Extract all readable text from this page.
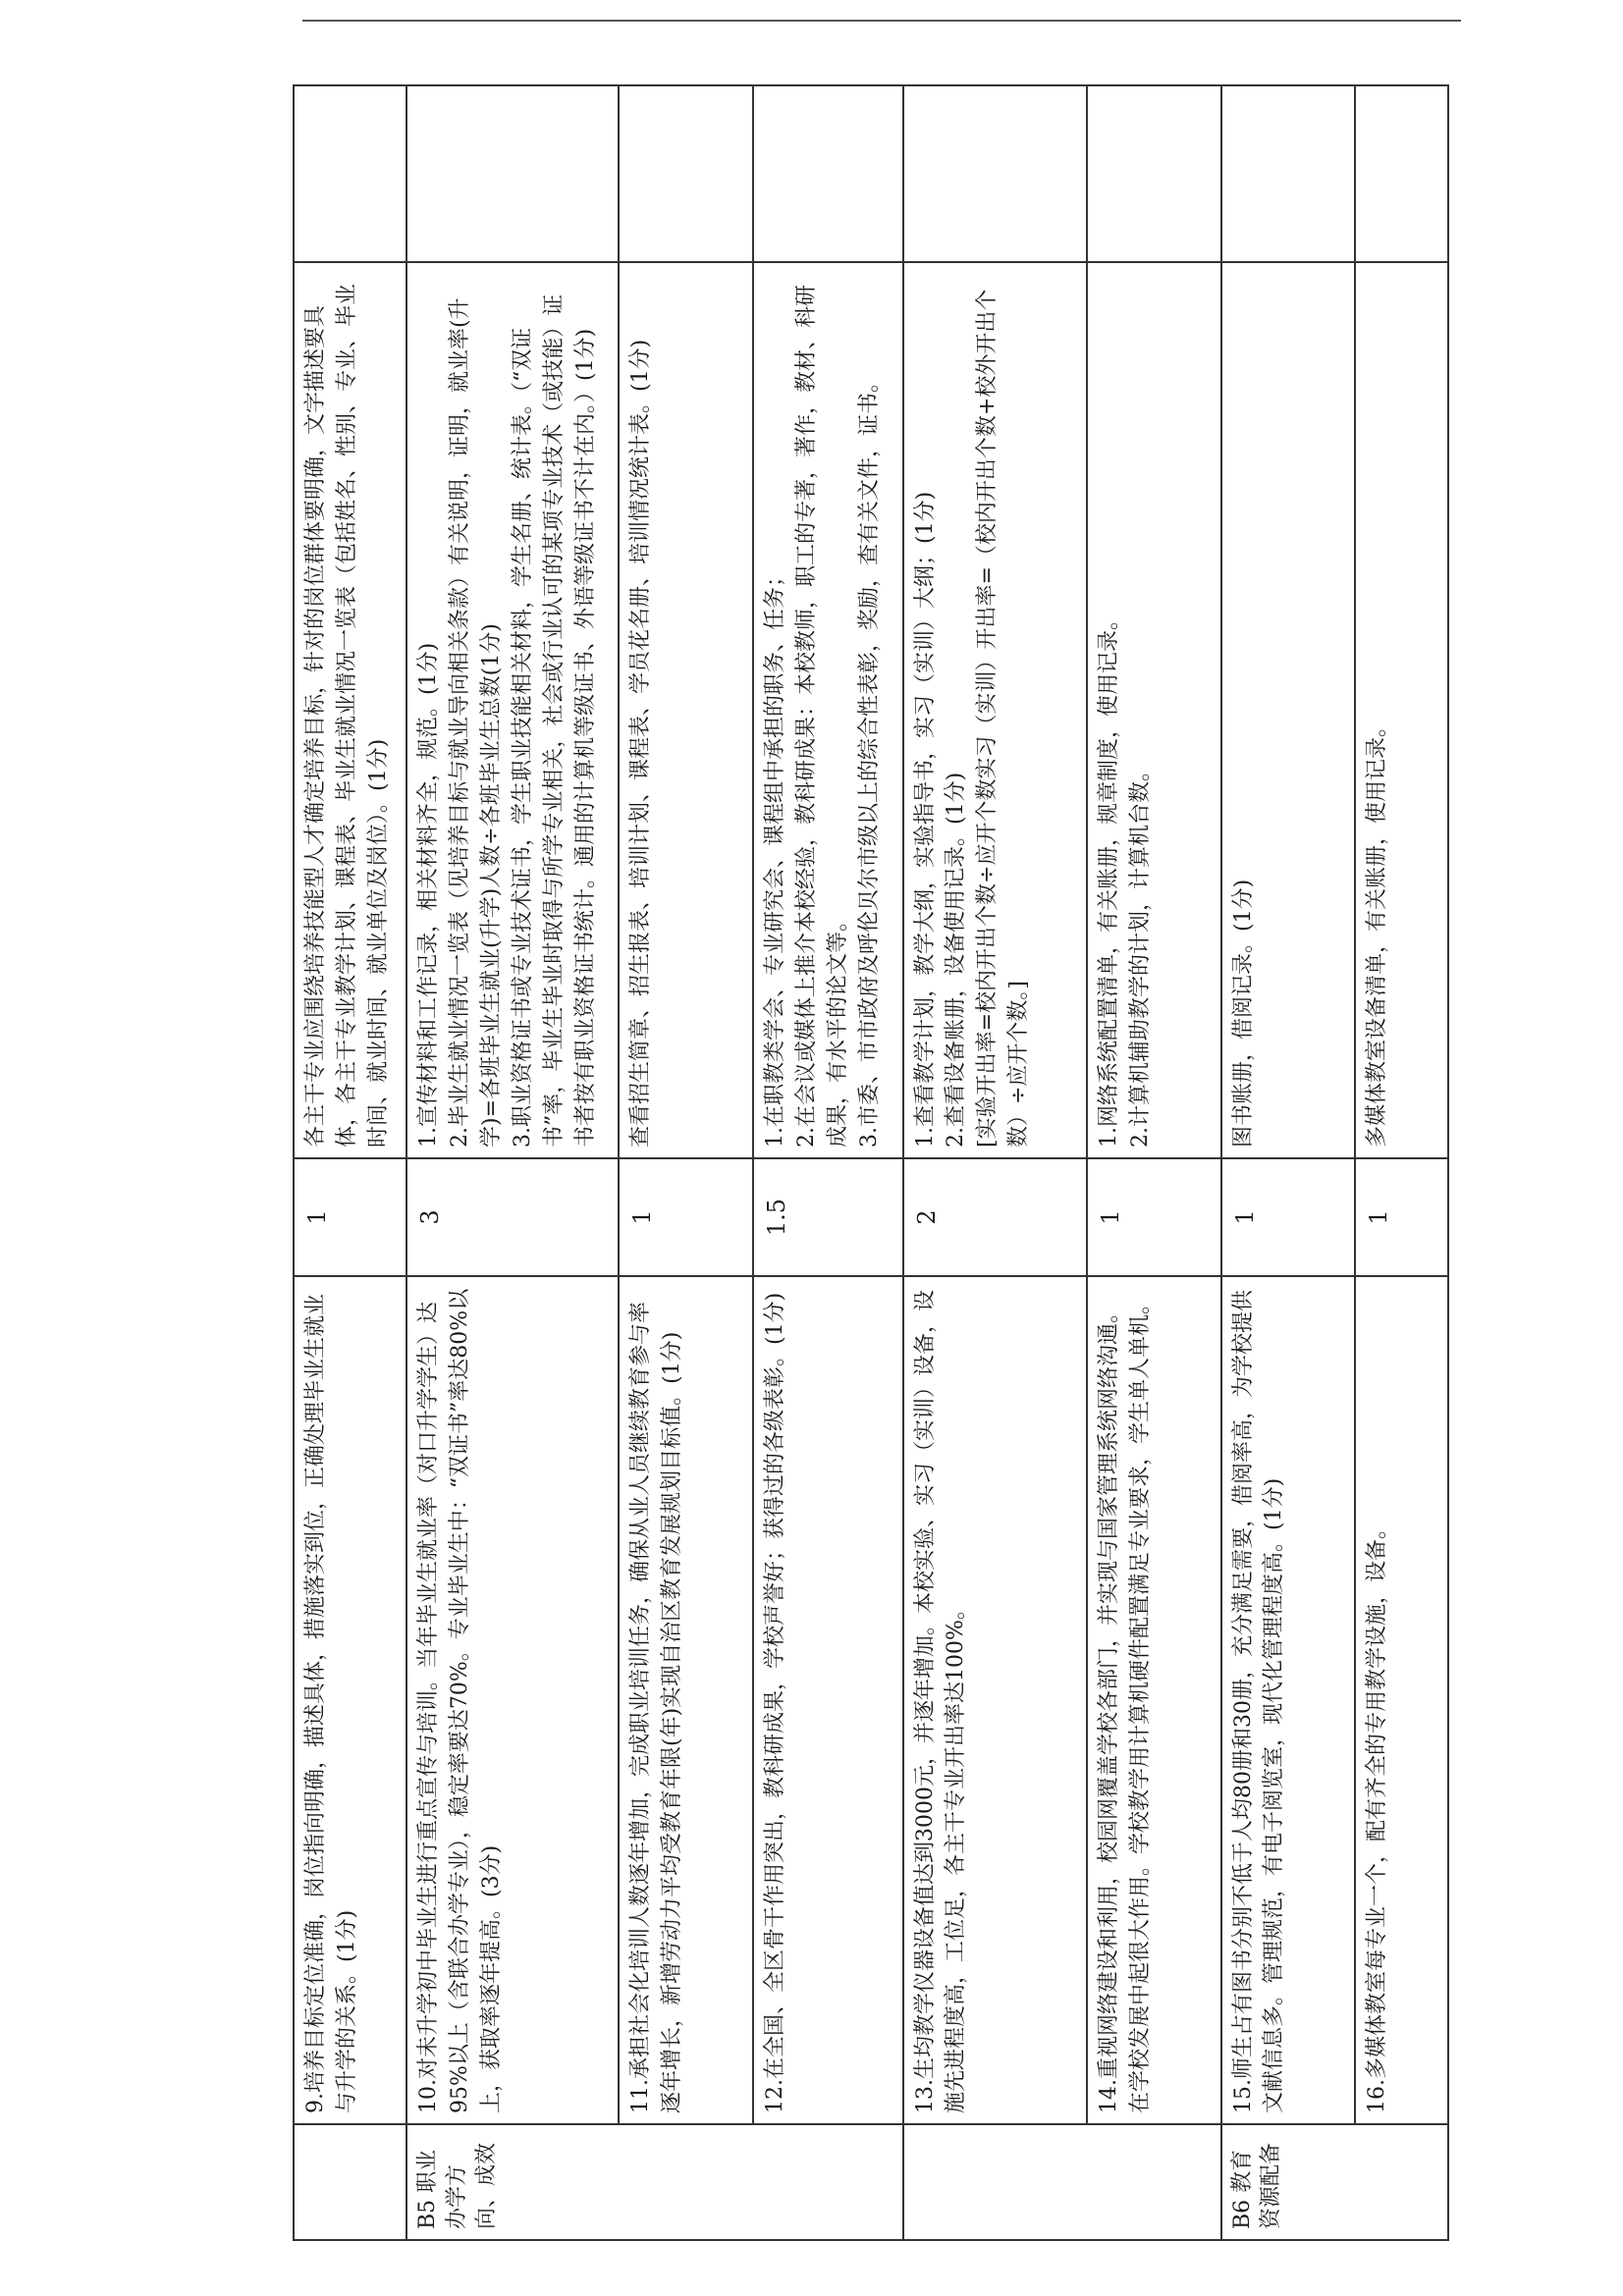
	9.培养目标定位准确，岗位指向明确，描述具体，措施落实到位，正确处理毕业生就业与升学的关系。(1分)	1	各主干专业应围绕培养技能型人才确定培养目标，针对的岗位群体要明确，文字描述要具体，各主干专业教学计划、课程表、毕业生就业情况一览表（包括姓名、性别、专业、毕业时间、就业时间、就业单位及岗位）。(1分)	

B5 职业办学方向、成效	10.对未升学初中毕业生进行重点宣传与培训。当年毕业生就业率（对口升学学生）达95%以上（含联合办学专业），稳定率要达70%。专业毕业生中：“双证书”率达80%以上，获取率逐年提高。(3分)	3	1.宣传材料和工作记录，相关材料齐全，规范。(1分) 2.毕业生就业情况一览表（见培养目标与就业导向相关条款）有关说明，证明，就业率(升学)=各班毕业生就业(升学)人数÷各班毕业生总数(1分) 3.职业资格证书或专业技术证书，学生职业技能相关材料，学生名册、统计表。（“双证书”率，毕业生毕业时取得与所学专业相关，社会或行业认可的某项专业技术（或技能）证书者按有职业资格证书统计。通用的计算机等级证书、外语等级证书不计在内。）(1分)	

	11.承担社会化培训人数逐年增加，完成职业培训任务，确保从业人员继续教育参与率逐年增长，新增劳动力平均受教育年限(年)实现自治区教育发展规划目标值。(1分)	1	查看招生简章、招生报表、培训计划、课程表、学员花名册、培训情况统计表。(1分)	

	12.在全国、全区骨干作用突出，教科研成果，学校声誉好；获得过的各级表彰。(1分)	1.5	1.在职教类学会、专业研究会、课程组中承担的职务、任务； 2.在会议或媒体上推介本校经验，教科研成果：本校教师，职工的专著，著作，教材、科研成果，有水平的论文等。 3.市委、市市政府及呼伦贝尔市级以上的综合性表彰，奖励，查有关文件，证书。	

	13.生均教学仪器设备值达到3000元，并逐年增加。本校实验、实习（实训）设备，设施先进程度高，工位足，各主干专业开出率达100%。	2	1.查看教学计划，教学大纲，实验指导书，实习（实训）大纲；(1分) 2.查看设备账册，设备使用记录。(1分) [实验开出率=校内开出个数÷应开个数实习（实训）开出率=（校内开出个数+校外开出个数）÷应开个数。]	

	14.重视网络建设和利用，校园网覆盖学校各部门，并实现与国家管理系统网络沟通。在学校发展中起很大作用。学校教学用计算机硬件配置满足专业要求，学生单人单机。	1	1.网络系统配置清单，有关账册，规章制度，使用记录。 2.计算机辅助教学的计划，计算机台数。	

B6 教育资源配备	15.师生占有图书分别不低于人均80册和30册，充分满足需要，借阅率高，为学校提供文献信息多。管理规范，有电子阅览室，现代化管理程度高。(1分)	1	图书账册，借阅记录。(1分)	

	16.多媒体教室每专业一个，配有齐全的专用教学设施，设备。	1	多媒体教室设备清单，有关账册，使用记录。	
